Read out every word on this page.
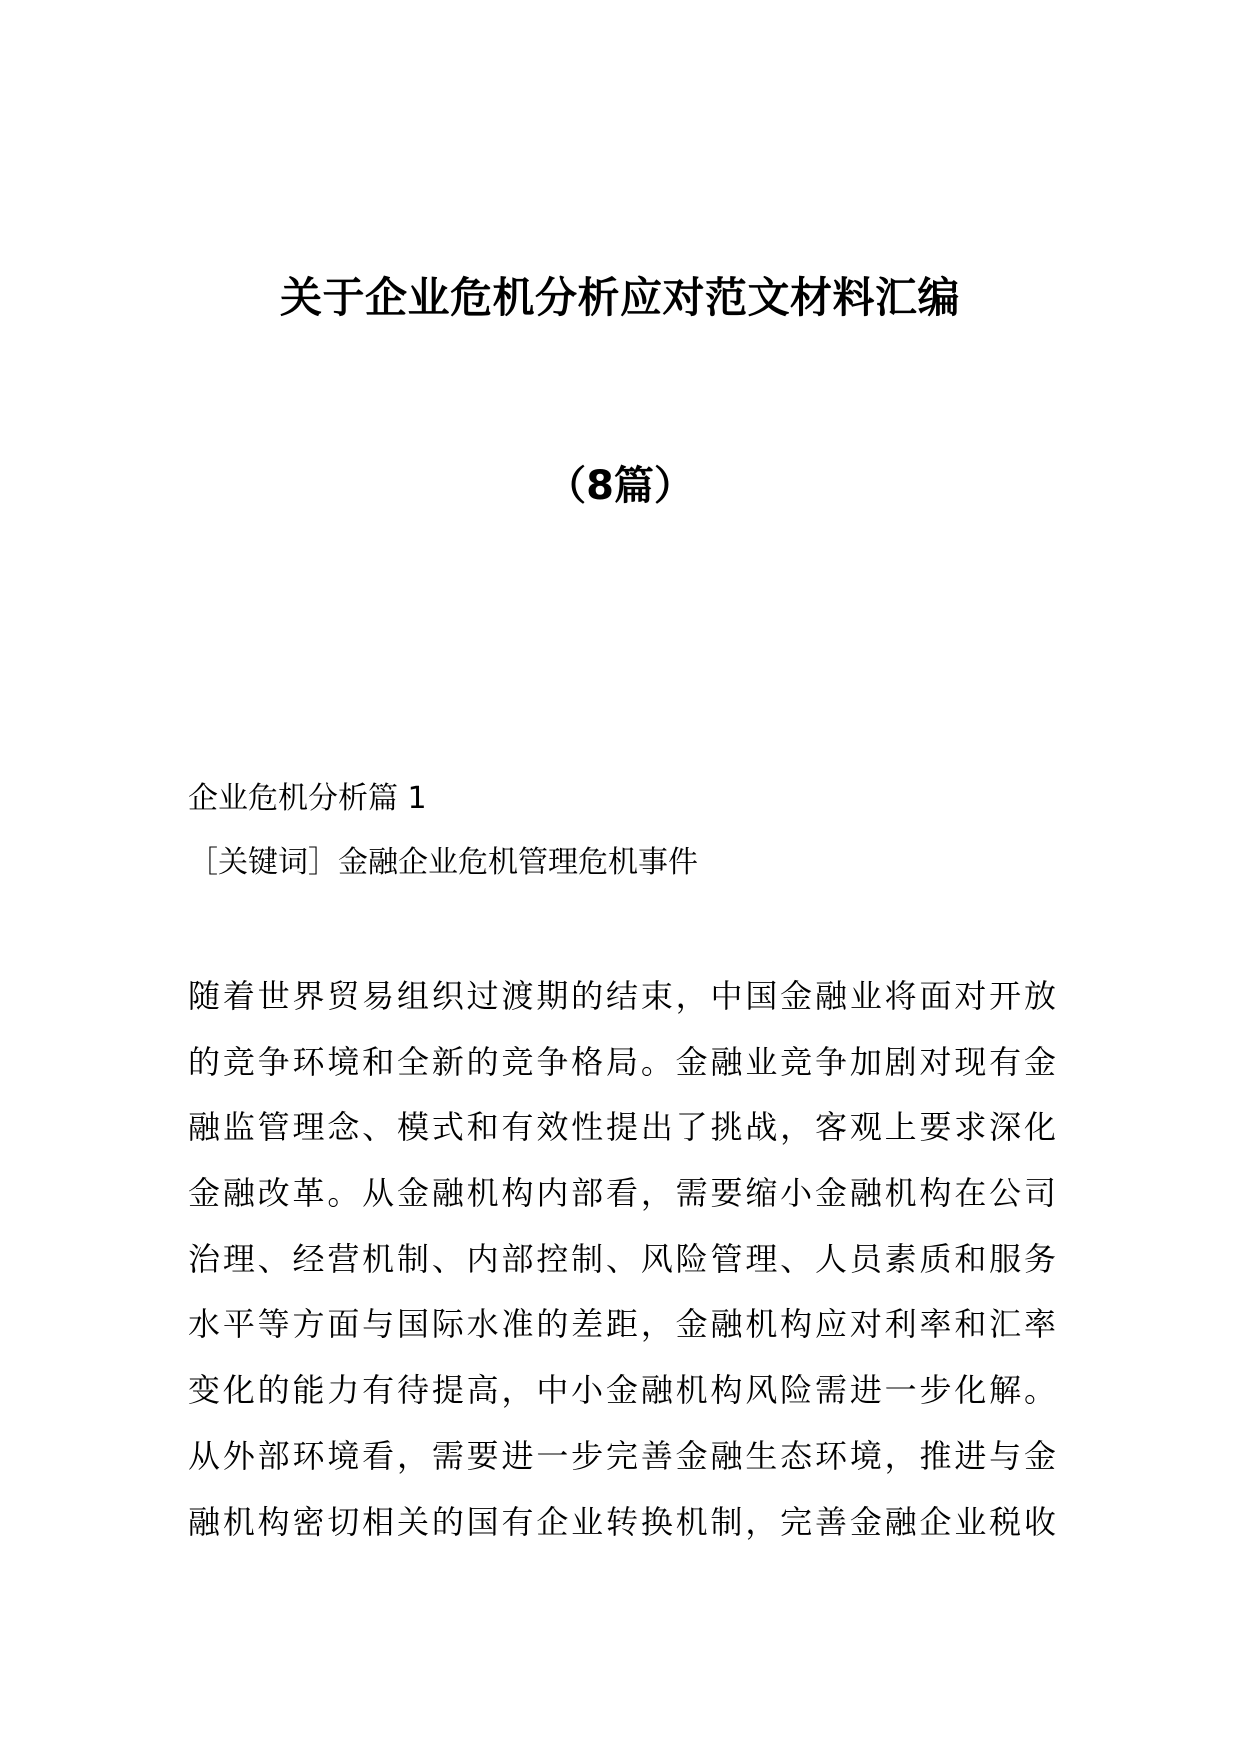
关于企业危机分析应对范文材料汇编
（8篇）

企业危机分析篇 1

［关键词］金融企业危机管理危机事件

随着世界贸易组织过渡期的结束，中国金融业将面对开放
的竞争环境和全新的竞争格局。金融业竞争加剧对现有金
融监管理念、模式和有效性提出了挑战，客观上要求深化
金融改革。从金融机构内部看，需要缩小金融机构在公司
治理、经营机制、内部控制、风险管理、人员素质和服务
水平等方面与国际水准的差距，金融机构应对利率和汇率
变化的能力有待提高，中小金融机构风险需进一步化解。
从外部环境看，需要进一步完善金融生态环境，推进与金
融机构密切相关的国有企业转换机制，完善金融企业税收
